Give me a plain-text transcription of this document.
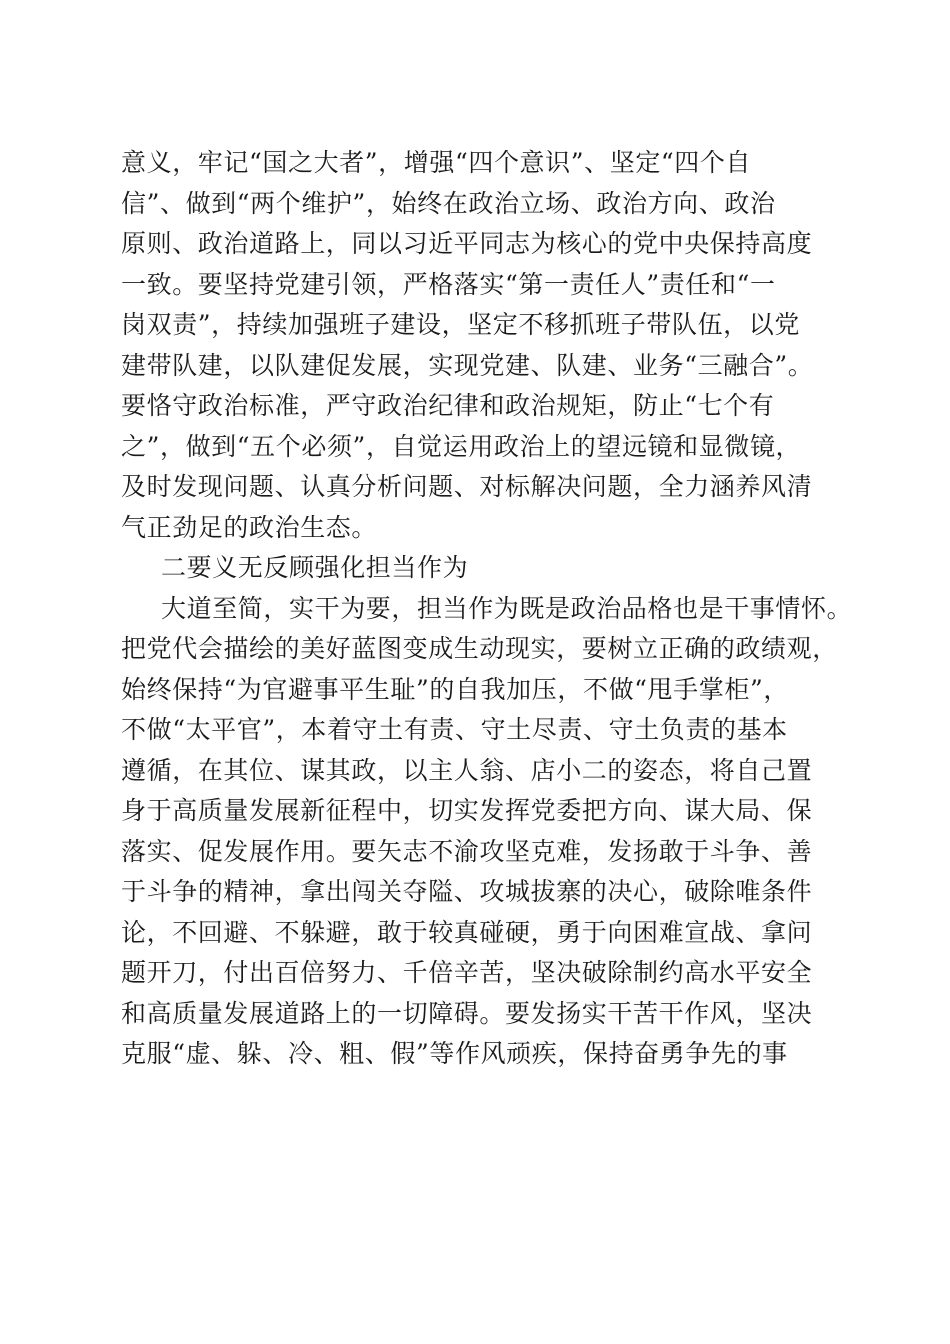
意义，牢记“国之大者”，增强“四个意识”、坚定“四个自
信”、做到“两个维护”，始终在政治立场、政治方向、政治
原则、政治道路上，同以习近平同志为核心的党中央保持高度
一致。要坚持党建引领，严格落实“第一责任人”责任和“一
岗双责”，持续加强班子建设，坚定不移抓班子带队伍，以党
建带队建，以队建促发展，实现党建、队建、业务“三融合”。
要恪守政治标准，严守政治纪律和政治规矩，防止“七个有
之”，做到“五个必须”，自觉运用政治上的望远镜和显微镜，
及时发现问题、认真分析问题、对标解决问题，全力涵养风清
气正劲足的政治生态。
二要义无反顾强化担当作为
大道至简，实干为要，担当作为既是政治品格也是干事情怀。
把党代会描绘的美好蓝图变成生动现实，要树立正确的政绩观，
始终保持“为官避事平生耻”的自我加压，不做“甩手掌柜”，
不做“太平官”，本着守土有责、守土尽责、守土负责的基本
遵循，在其位、谋其政，以主人翁、店小二的姿态，将自己置
身于高质量发展新征程中，切实发挥党委把方向、谋大局、保
落实、促发展作用。要矢志不渝攻坚克难，发扬敢于斗争、善
于斗争的精神，拿出闯关夺隘、攻城拔寨的决心，破除唯条件
论，不回避、不躲避，敢于较真碰硬，勇于向困难宣战、拿问
题开刀，付出百倍努力、千倍辛苦，坚决破除制约高水平安全
和高质量发展道路上的一切障碍。要发扬实干苦干作风，坚决
克服“虚、躲、冷、粗、假”等作风顽疾，保持奋勇争先的事
